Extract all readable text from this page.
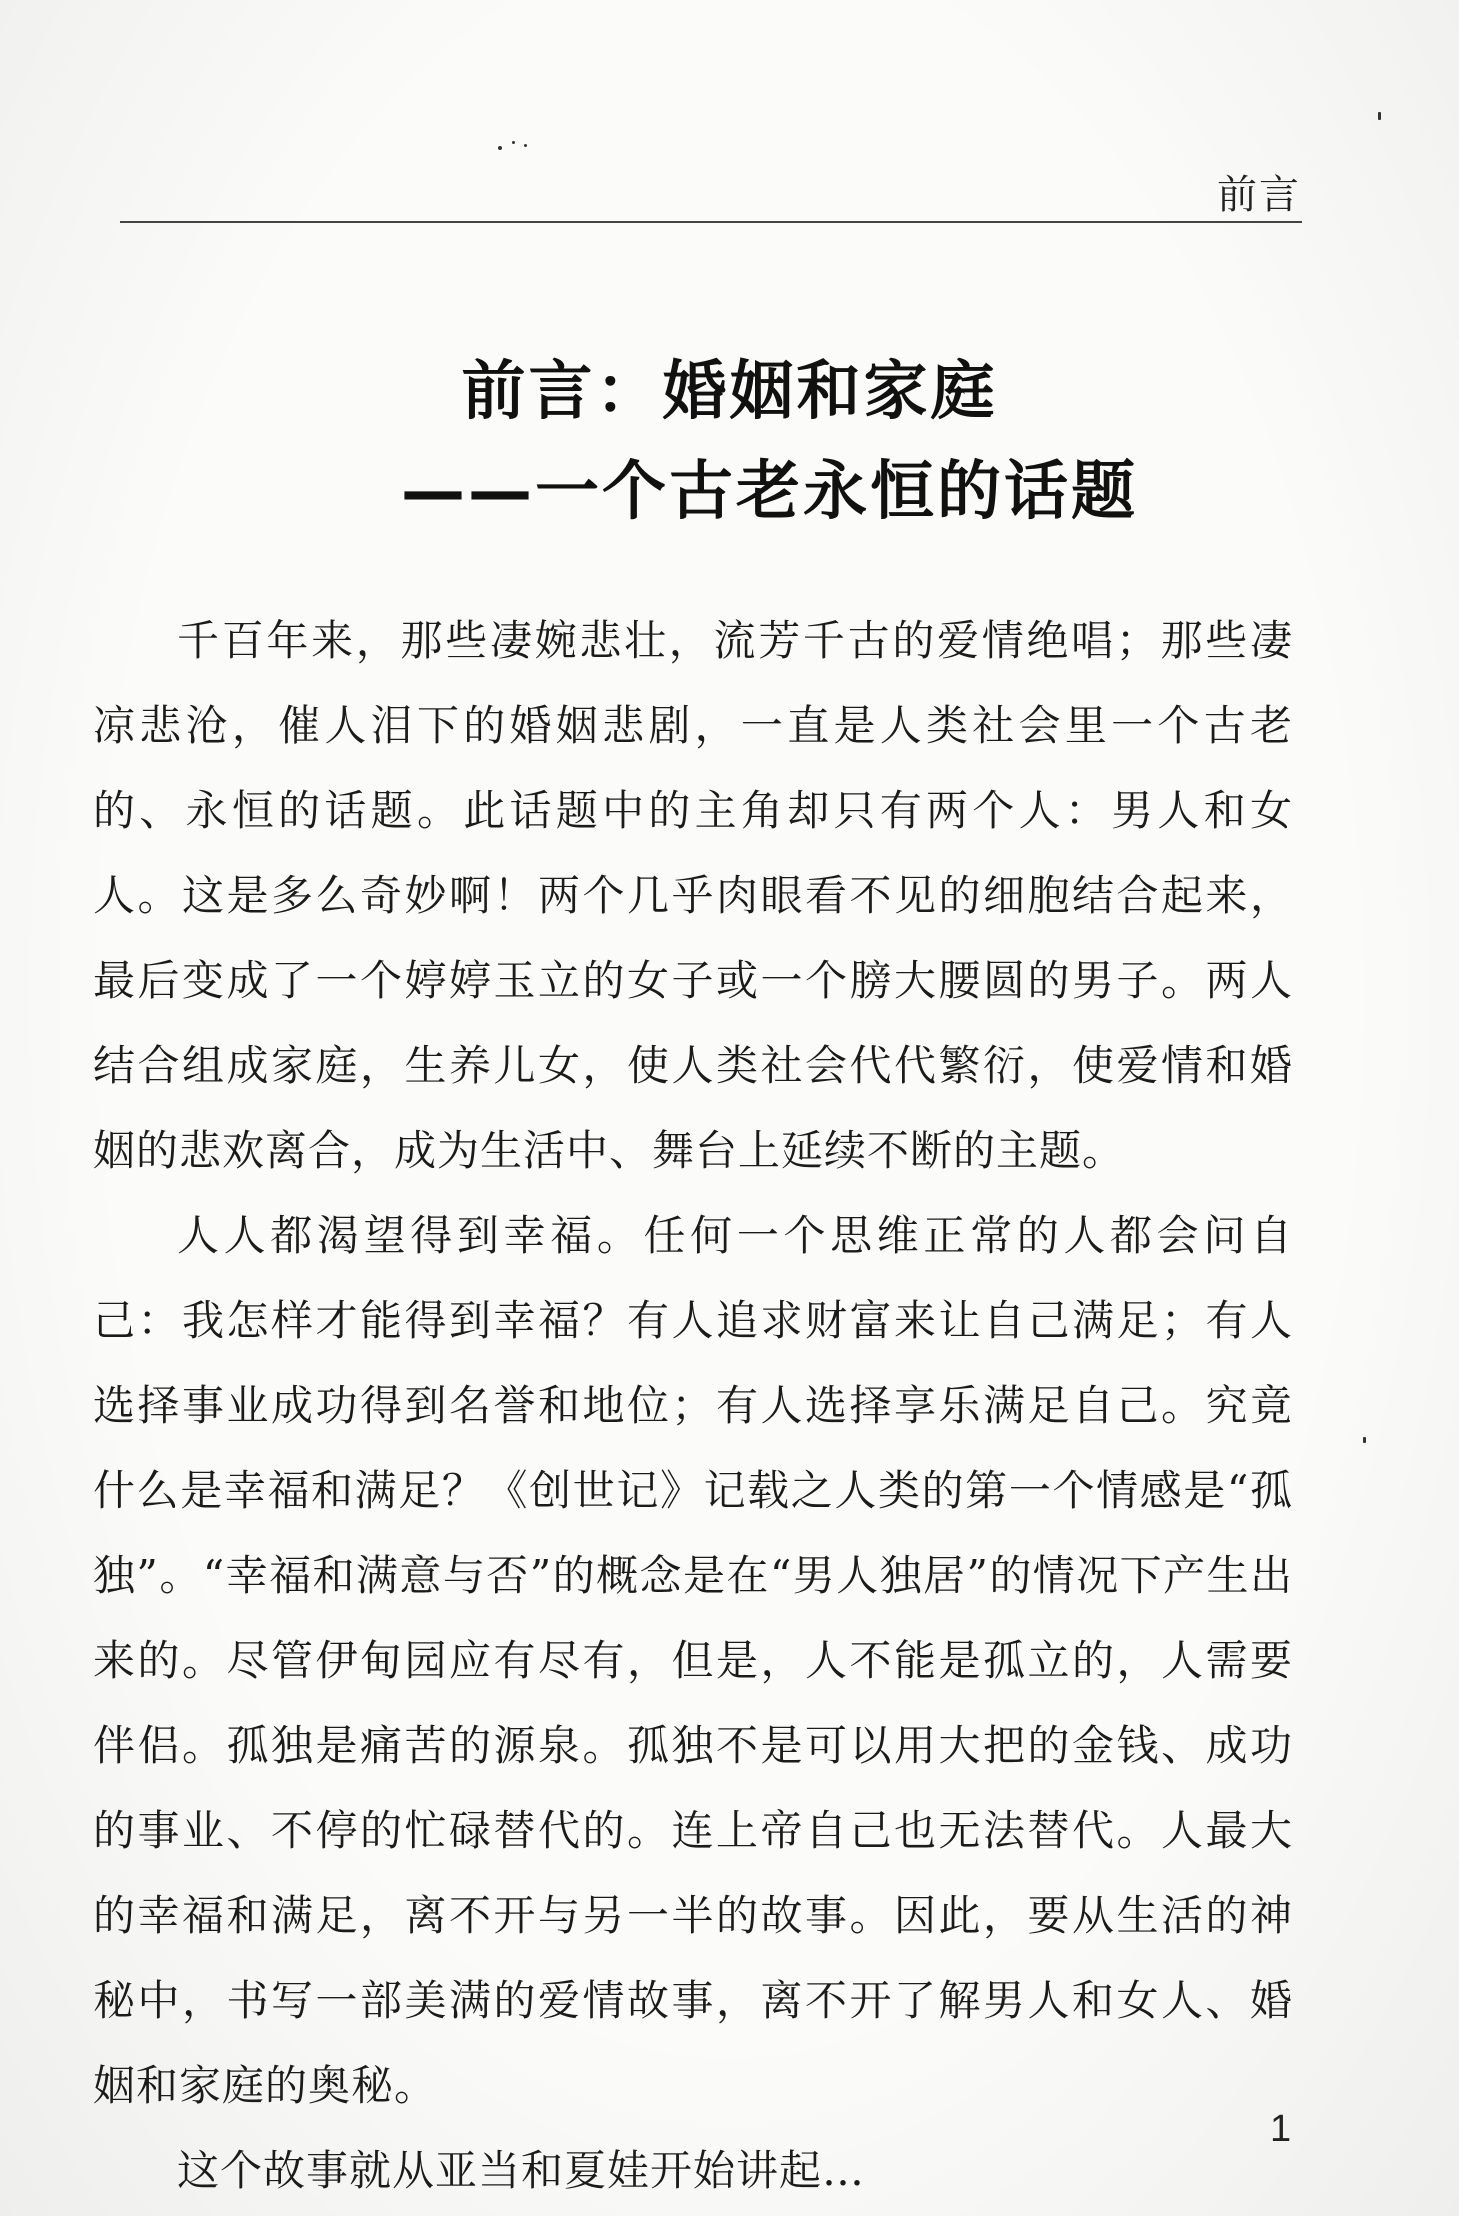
前言
前言：婚姻和家庭
——一个古老永恒的话题

千百年来，那些凄婉悲壮，流芳千古的爱情绝唱；那些凄凉悲沧，催人泪下的婚姻悲剧，一直是人类社会里一个古老的、永恒的话题。此话题中的主角却只有两个人：男人和女人。这是多么奇妙啊！两个几乎肉眼看不见的细胞结合起来，最后变成了一个婷婷玉立的女子或一个膀大腰圆的男子。两人结合组成家庭，生养儿女，使人类社会代代繁衍，使爱情和婚姻的悲欢离合，成为生活中、舞台上延续不断的主题。

人人都渴望得到幸福。任何一个思维正常的人都会问自己：我怎样才能得到幸福？有人追求财富来让自己满足；有人选择事业成功得到名誉和地位；有人选择享乐满足自己。究竟什么是幸福和满足？《创世记》记载之人类的第一个情感是“孤独”。“幸福和满意与否”的概念是在“男人独居”的情况下产生出来的。尽管伊甸园应有尽有，但是，人不能是孤立的，人需要伴侣。孤独是痛苦的源泉。孤独不是可以用大把的金钱、成功的事业、不停的忙碌替代的。连上帝自己也无法替代。人最大的幸福和满足，离不开与另一半的故事。因此，要从生活的神秘中，书写一部美满的爱情故事，离不开了解男人和女人、婚姻和家庭的奥秘。

这个故事就从亚当和夏娃开始讲起…

1
